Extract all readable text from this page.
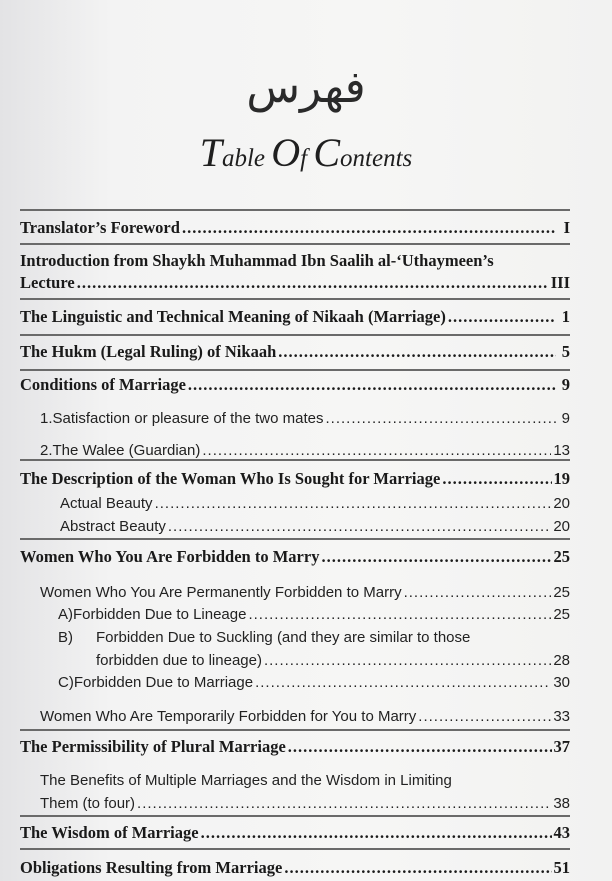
فهرس
Table Of Contents
Translator’s Foreword .....	I
Introduction from Shaykh Muhammad Ibn Saalih al-‘Uthaymeen’s
Lecture .....	III
The Linguistic and Technical Meaning of Nikaah (Marriage) .....	1
The Hukm (Legal Ruling) of Nikaah .....	5
Conditions of Marriage .....	9
1. Satisfaction or pleasure of the two mates .....	9
2. The Walee (Guardian) .....	13
The Description of the Woman Who Is Sought for Marriage .....	19
Actual Beauty .....	20
Abstract Beauty .....	20
Women Who You Are Forbidden to Marry .....	25
Women Who You Are Permanently Forbidden to Marry .....	25
A) Forbidden Due to Lineage .....	25
B)	Forbidden Due to Suckling (and they are similar to those
forbidden due to lineage) .....	28
C) Forbidden Due to Marriage .....	30
Women Who Are Temporarily Forbidden for You to Marry .....	33
The Permissibility of Plural Marriage .....	37
The Benefits of Multiple Marriages and the Wisdom in Limiting
Them (to four) .....	38
The Wisdom of Marriage .....	43
Obligations Resulting from Marriage .....	51
